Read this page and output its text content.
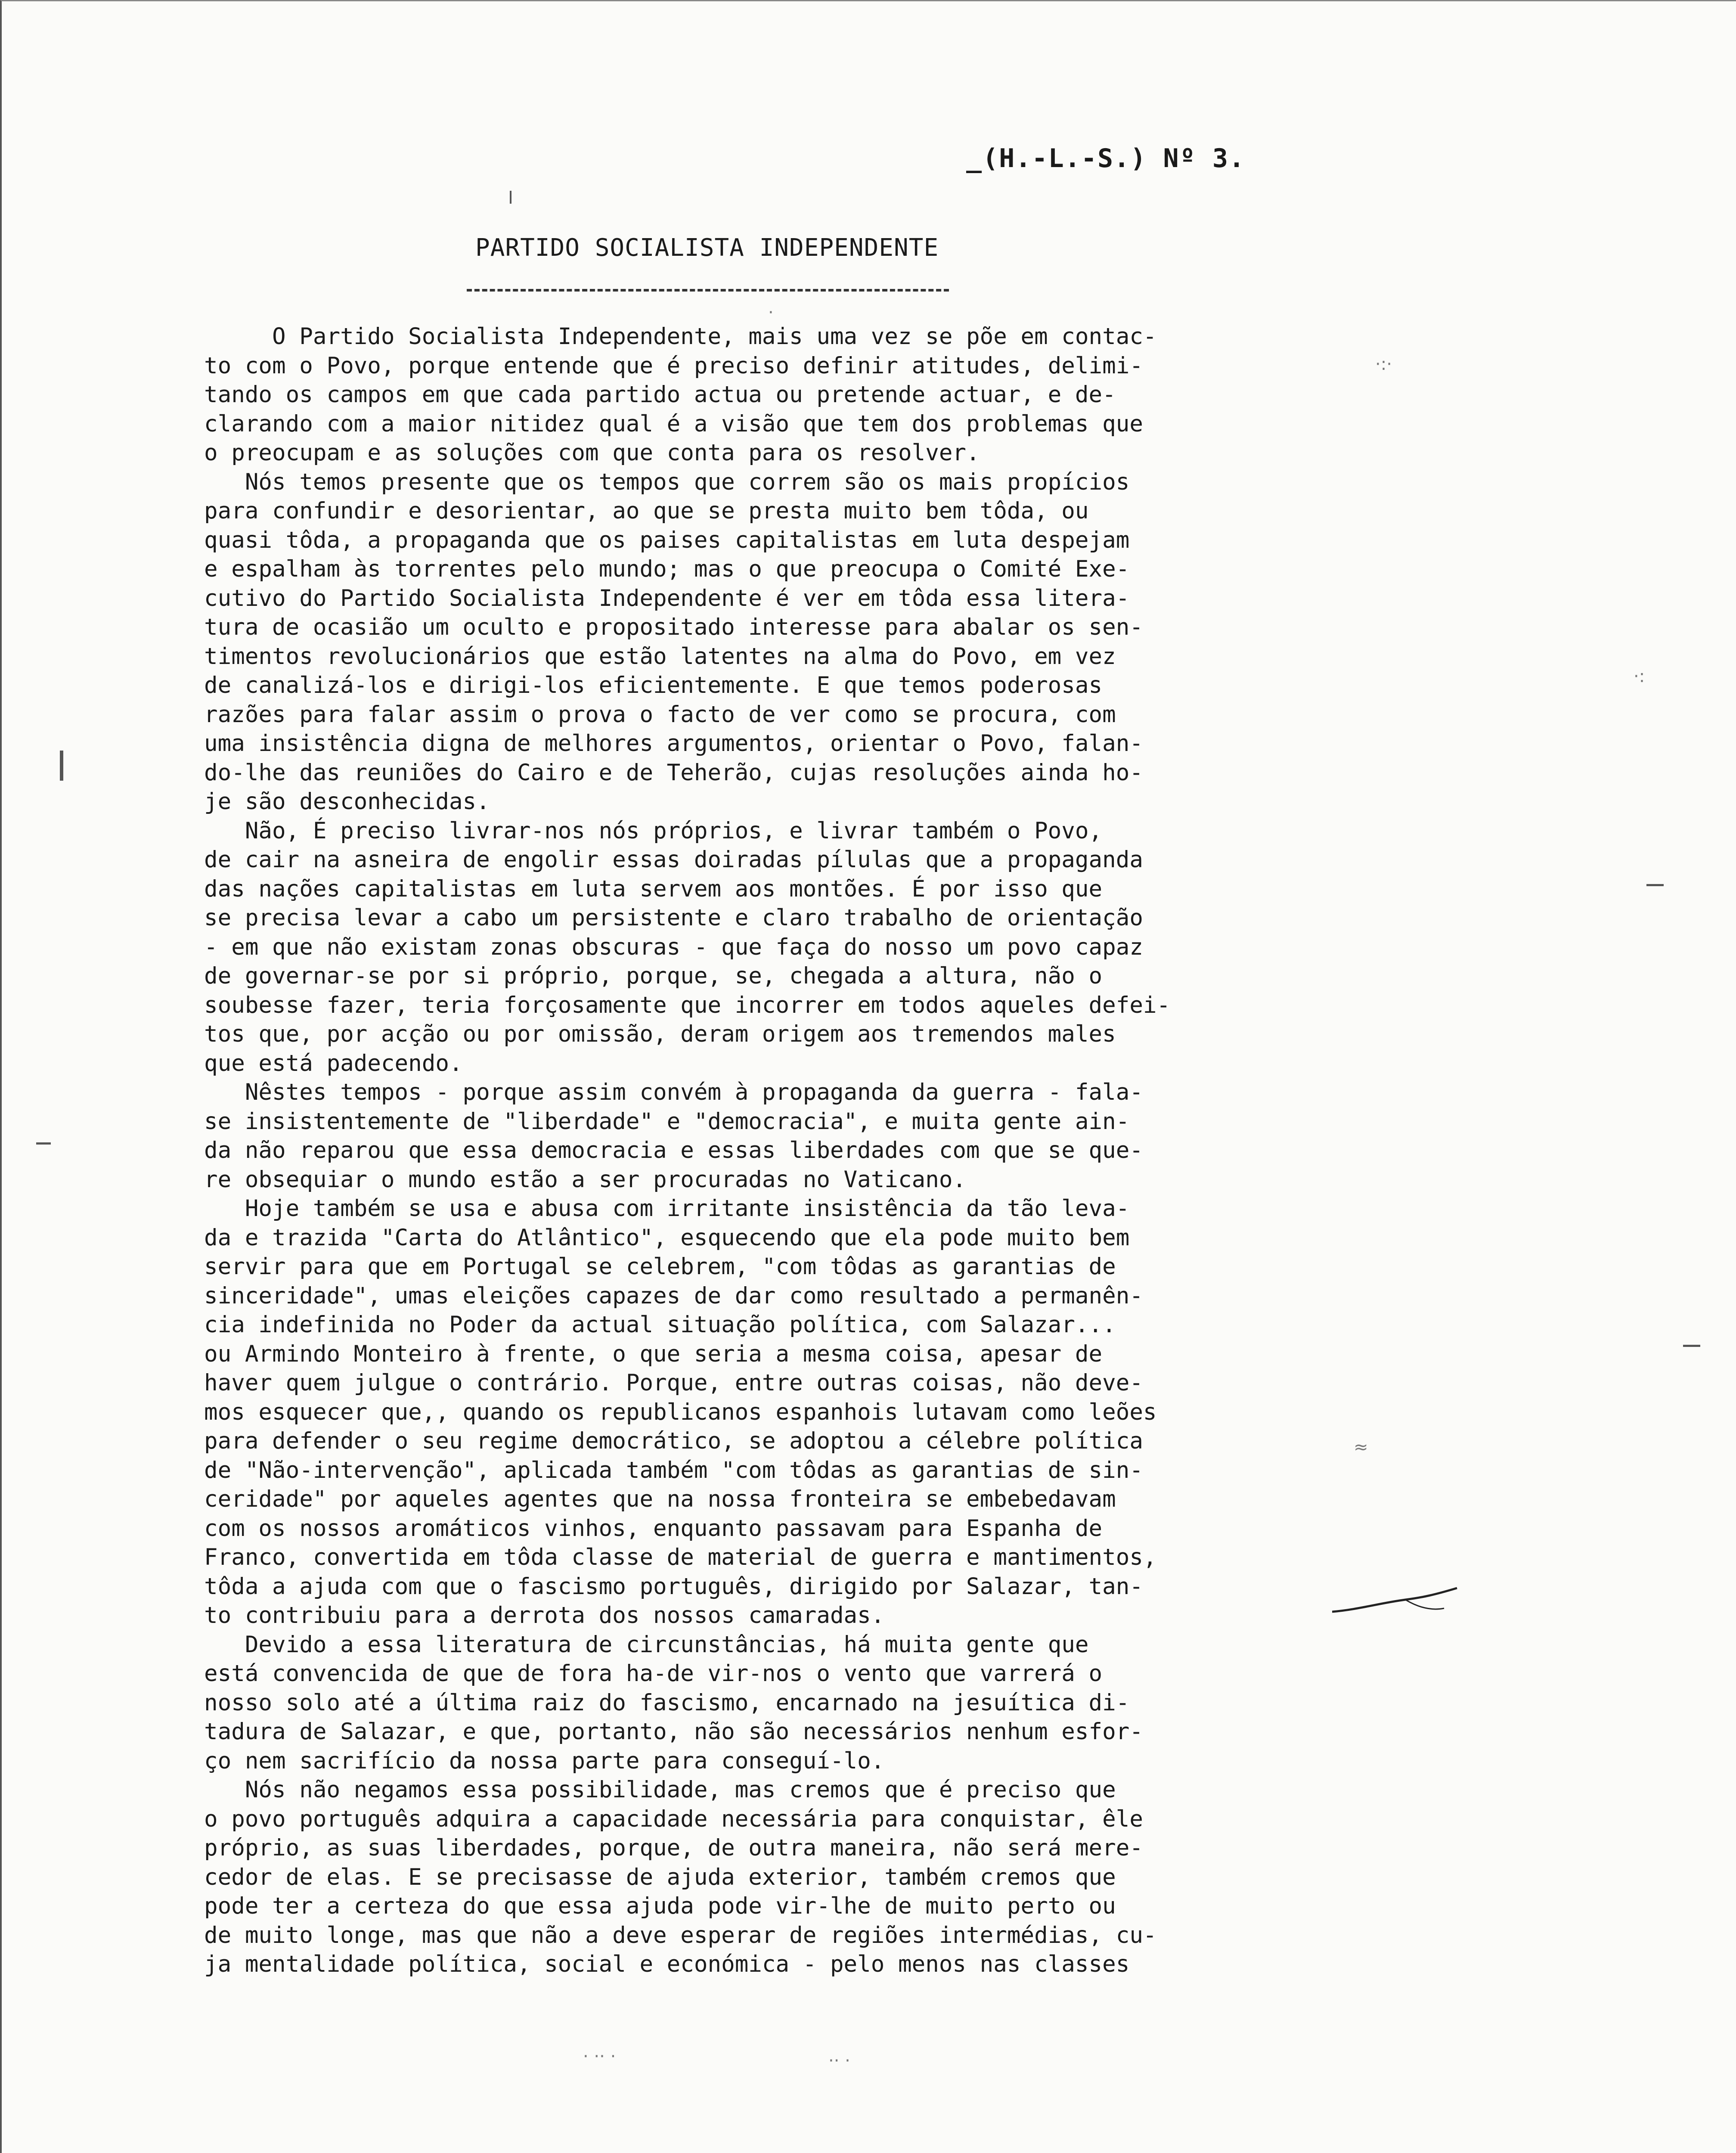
_(H.-L.-S.) Nº 3.
PARTIDO SOCIALISTA INDEPENDENTE
O Partido Socialista Independente, mais uma vez se põe em contac-
to com o Povo, porque entende que é preciso definir atitudes, delimi-
tando os campos em que cada partido actua ou pretende actuar, e de-
clarando com a maior nitidez qual é a visão que tem dos problemas que
o preocupam e as soluções com que conta para os resolver.
Nós temos presente que os tempos que correm são os mais propícios
para confundir e desorientar, ao que se presta muito bem tôda, ou
quasi tôda, a propaganda que os paises capitalistas em luta despejam
e espalham às torrentes pelo mundo; mas o que preocupa o Comité Exe-
cutivo do Partido Socialista Independente é ver em tôda essa litera-
tura de ocasião um oculto e propositado interesse para abalar os sen-
timentos revolucionários que estão latentes na alma do Povo, em vez
de canalizá-los e dirigi-los eficientemente. E que temos poderosas
razões para falar assim o prova o facto de ver como se procura, com
uma insistência digna de melhores argumentos, orientar o Povo, falan-
do-lhe das reuniões do Cairo e de Teherão, cujas resoluções ainda ho-
je são desconhecidas.
Não, É preciso livrar-nos nós próprios, e livrar também o Povo,
de cair na asneira de engolir essas doiradas pílulas que a propaganda
das nações capitalistas em luta servem aos montões. É por isso que
se precisa levar a cabo um persistente e claro trabalho de orientação
- em que não existam zonas obscuras - que faça do nosso um povo capaz
de governar-se por si próprio, porque, se, chegada a altura, não o
soubesse fazer, teria forçosamente que incorrer em todos aqueles defei-
tos que, por acção ou por omissão, deram origem aos tremendos males
que está padecendo.
Nêstes tempos - porque assim convém à propaganda da guerra - fala-
se insistentemente de "liberdade" e "democracia", e muita gente ain-
da não reparou que essa democracia e essas liberdades com que se que-
re obsequiar o mundo estão a ser procuradas no Vaticano.
Hoje também se usa e abusa com irritante insistência da tão leva-
da e trazida "Carta do Atlântico", esquecendo que ela pode muito bem
servir para que em Portugal se celebrem, "com tôdas as garantias de
sinceridade", umas eleições capazes de dar como resultado a permanên-
cia indefinida no Poder da actual situação política, com Salazar...
ou Armindo Monteiro à frente, o que seria a mesma coisa, apesar de
haver quem julgue o contrário. Porque, entre outras coisas, não deve-
mos esquecer que,, quando os republicanos espanhois lutavam como leões
para defender o seu regime democrático, se adoptou a célebre política
de "Não-intervenção", aplicada também "com tôdas as garantias de sin-
ceridade" por aqueles agentes que na nossa fronteira se embebedavam
com os nossos aromáticos vinhos, enquanto passavam para Espanha de
Franco, convertida em tôda classe de material de guerra e mantimentos,
tôda a ajuda com que o fascismo português, dirigido por Salazar, tan-
to contribuiu para a derrota dos nossos camaradas.
Devido a essa literatura de circunstâncias, há muita gente que
está convencida de que de fora ha-de vir-nos o vento que varrerá o
nosso solo até a última raiz do fascismo, encarnado na jesuítica di-
tadura de Salazar, e que, portanto, não são necessários nenhum esfor-
ço nem sacrifício da nossa parte para conseguí-lo.
Nós não negamos essa possibilidade, mas cremos que é preciso que
o povo português adquira a capacidade necessária para conquistar, êle
próprio, as suas liberdades, porque, de outra maneira, não será mere-
cedor de elas. E se precisasse de ajuda exterior, também cremos que
pode ter a certeza do que essa ajuda pode vir-lhe de muito perto ou
de muito longe, mas que não a deve esperar de regiões intermédias, cu-
ja mentalidade política, social e económica - pelo menos nas classes
·:·
·
·:
≈
· ·· ·	·· ·
